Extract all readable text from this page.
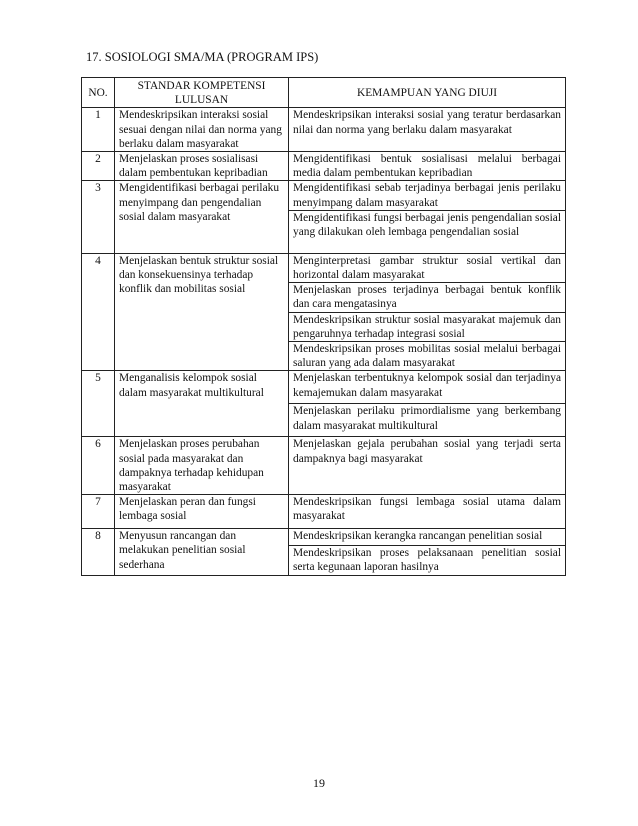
17. SOSIOLOGI SMA/MA (PROGRAM IPS)
NO.	STANDAR KOMPETENSI LULUSAN	KEMAMPUAN YANG DIUJI
1	Mendeskripsikan interaksi sosial sesuai dengan nilai dan norma yang berlaku dalam masyarakat	Mendeskripsikan interaksi sosial yang teratur berdasarkan nilai dan norma yang berlaku dalam masyarakat
2	Menjelaskan proses sosialisasi dalam pembentukan kepribadian	Mengidentifikasi bentuk sosialisasi melalui berbagai media dalam pembentukan kepribadian
3	Mengidentifikasi berbagai perilaku menyimpang dan pengendalian sosial dalam masyarakat	Mengidentifikasi sebab terjadinya berbagai jenis perilaku menyimpang dalam masyarakat
		Mengidentifikasi fungsi berbagai jenis pengendalian sosial yang dilakukan oleh lembaga pengendalian sosial
4	Menjelaskan bentuk struktur sosial dan konsekuensinya terhadap konflik dan mobilitas sosial	Menginterpretasi gambar struktur sosial vertikal dan horizontal dalam masyarakat
		Menjelaskan proses terjadinya berbagai bentuk konflik dan cara mengatasinya
		Mendeskripsikan struktur sosial masyarakat majemuk dan pengaruhnya terhadap integrasi sosial
		Mendeskripsikan proses mobilitas sosial melalui berbagai saluran yang ada dalam masyarakat
5	Menganalisis kelompok sosial dalam masyarakat multikultural	Menjelaskan terbentuknya kelompok sosial dan terjadinya kemajemukan dalam masyarakat
		Menjelaskan perilaku primordialisme yang berkembang dalam masyarakat multikultural
6	Menjelaskan proses perubahan sosial pada masyarakat dan dampaknya terhadap kehidupan masyarakat	Menjelaskan gejala perubahan sosial yang terjadi serta dampaknya bagi masyarakat
7	Menjelaskan peran dan fungsi lembaga sosial	Mendeskripsikan fungsi lembaga sosial utama dalam masyarakat
8	Menyusun rancangan dan melakukan penelitian sosial sederhana	Mendeskripsikan kerangka rancangan penelitian sosial
		Mendeskripsikan proses pelaksanaan penelitian sosial serta kegunaan laporan hasilnya
19
